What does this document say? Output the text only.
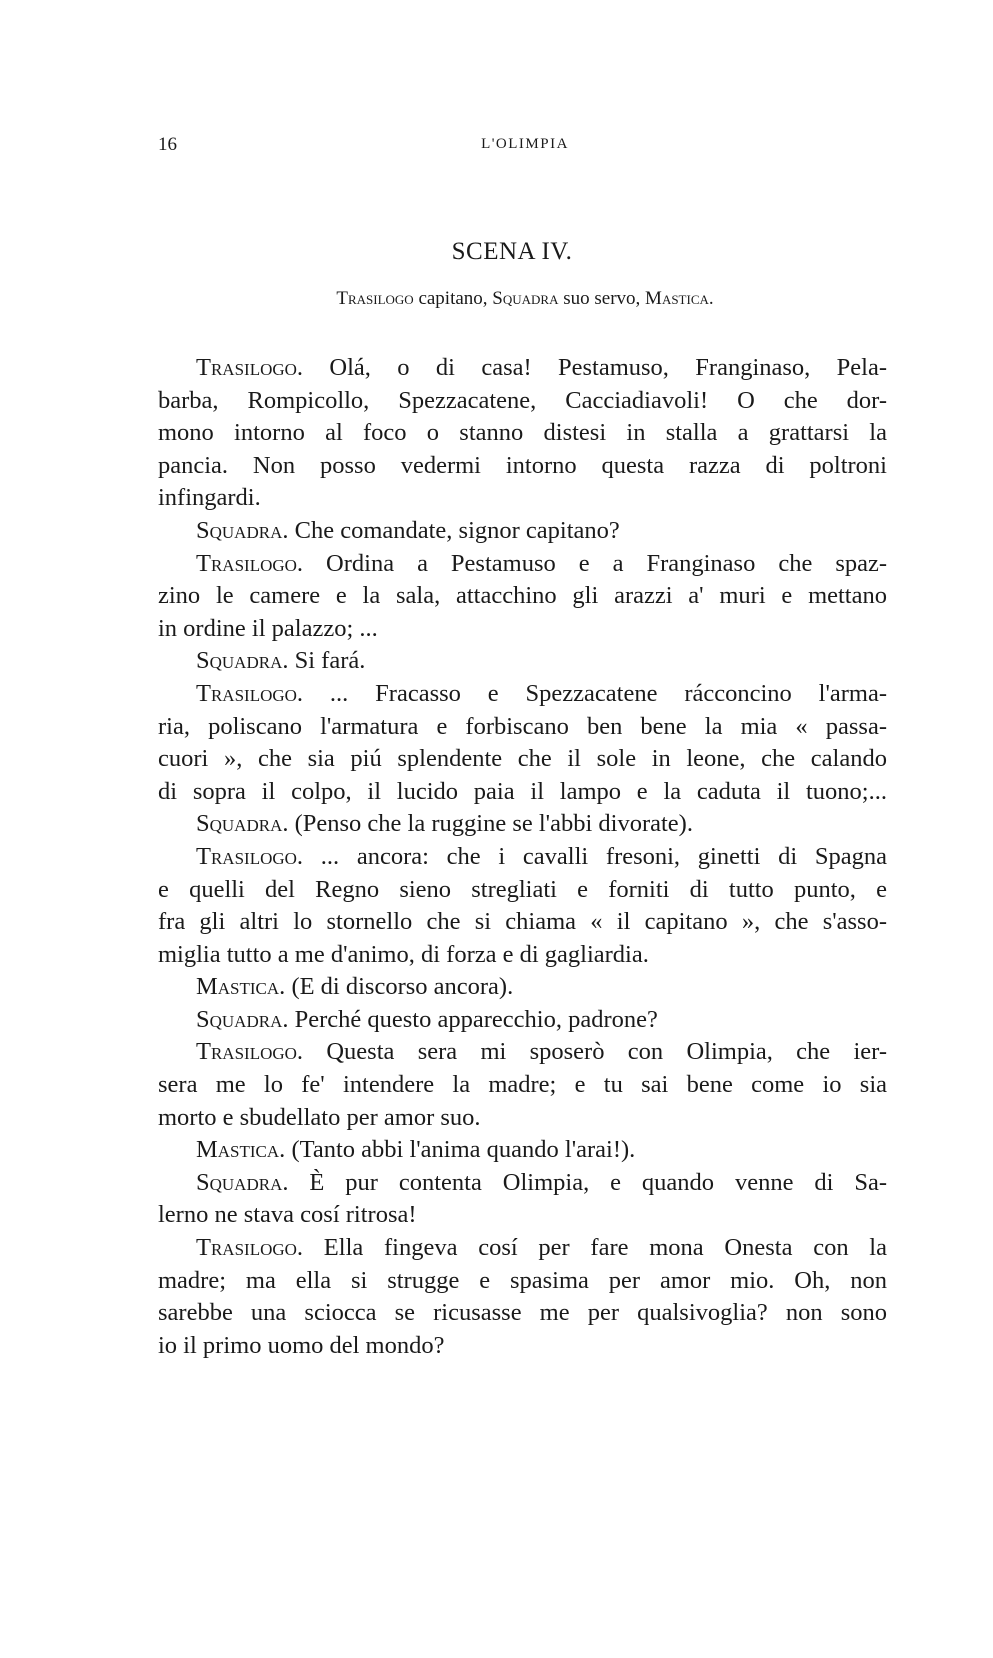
16	L'OLIMPIA
SCENA IV.
Trasilogo capitano, Squadra suo servo, Mastica.
Trasilogo. Olá, o di casa! Pestamuso, Franginaso, Pela-
barba, Rompicollo, Spezzacatene, Cacciadiavoli! O che dor-
mono intorno al foco o stanno distesi in stalla a grattarsi la
pancia. Non posso vedermi intorno questa razza di poltroni
infingardi.
Squadra. Che comandate, signor capitano?
Trasilogo. Ordina a Pestamuso e a Franginaso che spaz-
zino le camere e la sala, attacchino gli arazzi a' muri e mettano
in ordine il palazzo; ...
Squadra. Si fará.
Trasilogo. ... Fracasso e Spezzacatene rácconcino l'arma-
ria, poliscano l'armatura e forbiscano ben bene la mia « passa-
cuori », che sia piú splendente che il sole in leone, che calando
di sopra il colpo, il lucido paia il lampo e la caduta il tuono;...
Squadra. (Penso che la ruggine se l'abbi divorate).
Trasilogo. ... ancora: che i cavalli fresoni, ginetti di Spagna
e quelli del Regno sieno stregliati e forniti di tutto punto, e
fra gli altri lo stornello che si chiama « il capitano », che s'asso-
miglia tutto a me d'animo, di forza e di gagliardia.
Mastica. (E di discorso ancora).
Squadra. Perché questo apparecchio, padrone?
Trasilogo. Questa sera mi sposerò con Olimpia, che ier-
sera me lo fe' intendere la madre; e tu sai bene come io sia
morto e sbudellato per amor suo.
Mastica. (Tanto abbi l'anima quando l'arai!).
Squadra. È pur contenta Olimpia, e quando venne di Sa-
lerno ne stava cosí ritrosa!
Trasilogo. Ella fingeva cosí per fare mona Onesta con la
madre; ma ella si strugge e spasima per amor mio. Oh, non
sarebbe una sciocca se ricusasse me per qualsivoglia? non sono
io il primo uomo del mondo?
